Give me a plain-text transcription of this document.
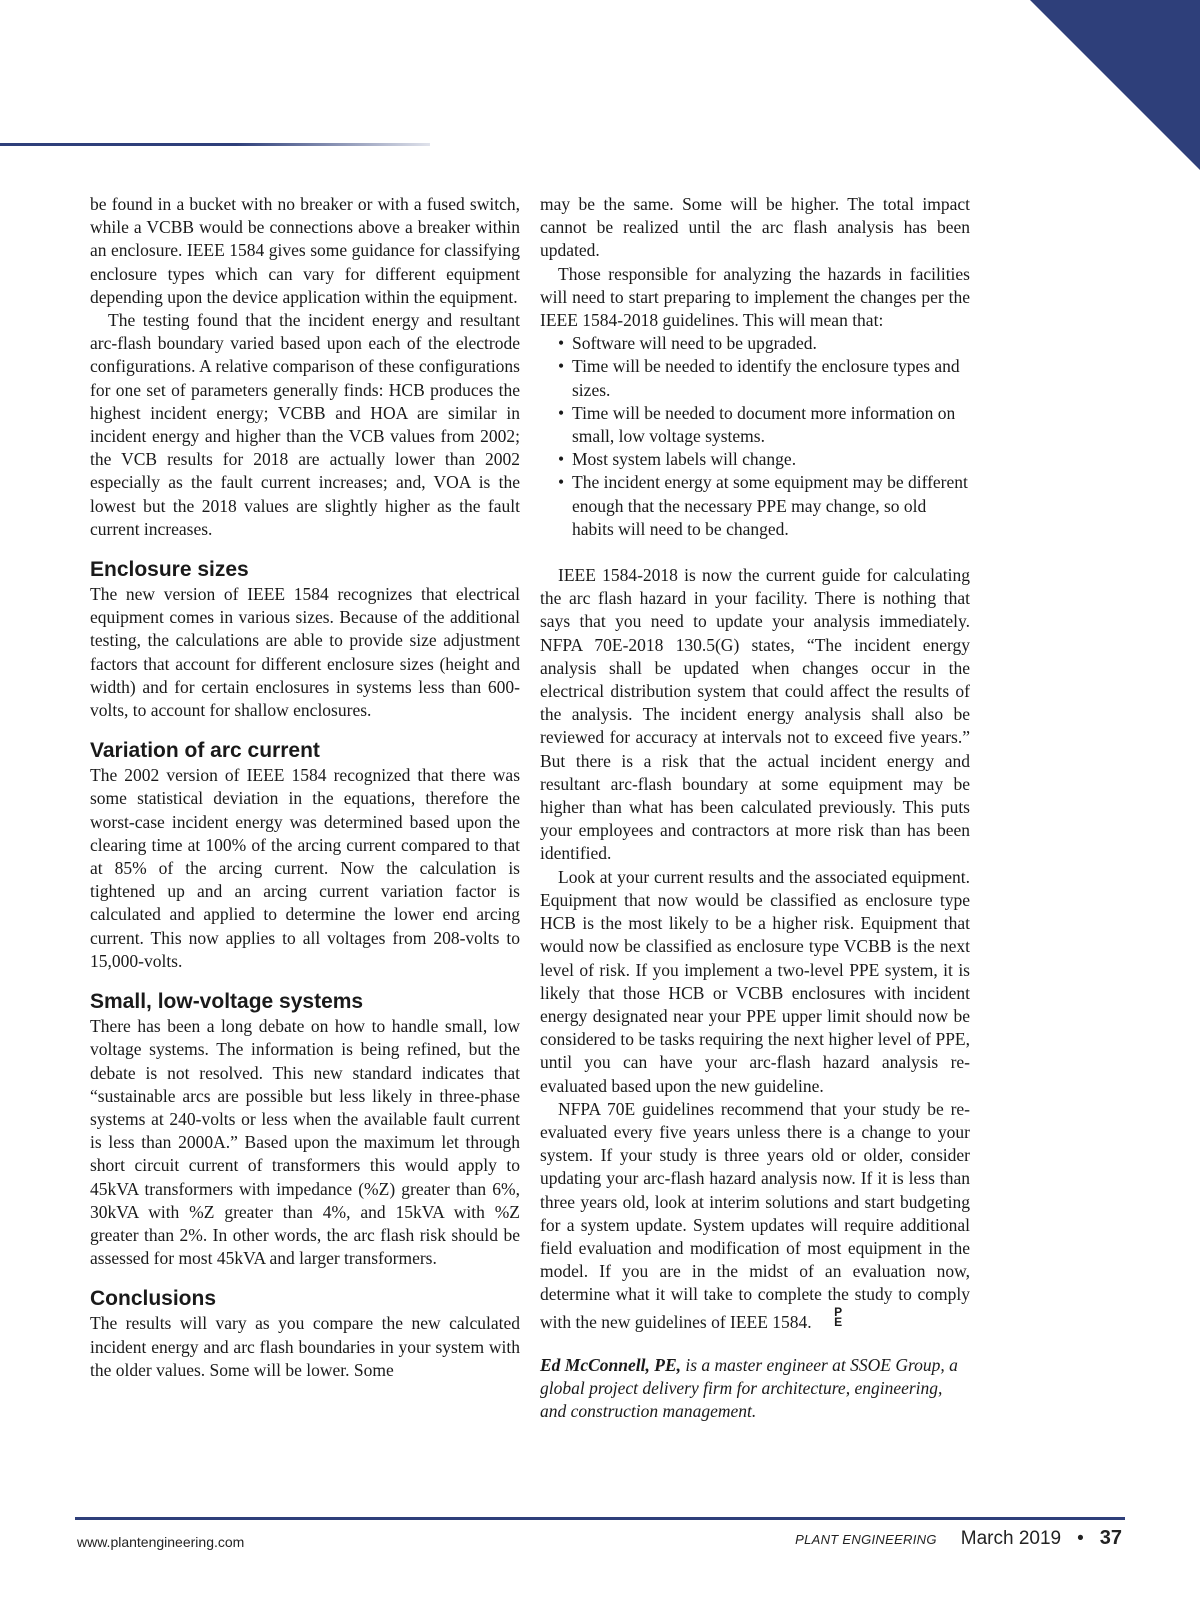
be found in a bucket with no breaker or with a fused switch, while a VCBB would be connections above a breaker within an enclosure. IEEE 1584 gives some guidance for classifying enclosure types which can vary for different equipment depending upon the device application within the equipment.

The testing found that the incident energy and resultant arc-flash boundary varied based upon each of the electrode configurations. A relative comparison of these configurations for one set of parameters generally finds: HCB produces the highest incident energy; VCBB and HOA are similar in incident energy and higher than the VCB values from 2002; the VCB results for 2018 are actually lower than 2002 especially as the fault current increases; and, VOA is the lowest but the 2018 values are slightly higher as the fault current increases.

Enclosure sizes

The new version of IEEE 1584 recognizes that electrical equipment comes in various sizes. Because of the additional testing, the calculations are able to provide size adjustment factors that account for different enclosure sizes (height and width) and for certain enclosures in systems less than 600-volts, to account for shallow enclosures.

Variation of arc current

The 2002 version of IEEE 1584 recognized that there was some statistical deviation in the equations, therefore the worst-case incident energy was determined based upon the clearing time at 100% of the arcing current compared to that at 85% of the arcing current. Now the calculation is tightened up and an arcing current variation factor is calculated and applied to determine the lower end arcing current. This now applies to all voltages from 208-volts to 15,000-volts.

Small, low-voltage systems

There has been a long debate on how to handle small, low voltage systems. The information is being refined, but the debate is not resolved. This new standard indicates that “sustainable arcs are possible but less likely in three-phase systems at 240-volts or less when the available fault current is less than 2000A.” Based upon the maximum let through short circuit current of transformers this would apply to 45kVA transformers with impedance (%Z) greater than 6%, 30kVA with %Z greater than 4%, and 15kVA with %Z greater than 2%. In other words, the arc flash risk should be assessed for most 45kVA and larger transformers.

Conclusions

The results will vary as you compare the new calculated incident energy and arc flash boundaries in your system with the older values. Some will be lower. Some

may be the same. Some will be higher. The total impact cannot be realized until the arc flash analysis has been updated.

Those responsible for analyzing the hazards in facilities will need to start preparing to implement the changes per the IEEE 1584-2018 guidelines. This will mean that:

• Software will need to be upgraded.
• Time will be needed to identify the enclosure types and sizes.
• Time will be needed to document more information on small, low voltage systems.
• Most system labels will change.
• The incident energy at some equipment may be different enough that the necessary PPE may change, so old habits will need to be changed.

IEEE 1584-2018 is now the current guide for calculating the arc flash hazard in your facility. There is nothing that says that you need to update your analysis immediately. NFPA 70E-2018 130.5(G) states, “The incident energy analysis shall be updated when changes occur in the electrical distribution system that could affect the results of the analysis. The incident energy analysis shall also be reviewed for accuracy at intervals not to exceed five years.” But there is a risk that the actual incident energy and resultant arc-flash boundary at some equipment may be higher than what has been calculated previously. This puts your employees and contractors at more risk than has been identified.

Look at your current results and the associated equipment. Equipment that now would be classified as enclosure type HCB is the most likely to be a higher risk. Equipment that would now be classified as enclosure type VCBB is the next level of risk. If you implement a two-level PPE system, it is likely that those HCB or VCBB enclosures with incident energy designated near your PPE upper limit should now be considered to be tasks requiring the next higher level of PPE, until you can have your arc-flash hazard analysis re-evaluated based upon the new guideline.

NFPA 70E guidelines recommend that your study be re-evaluated every five years unless there is a change to your system. If your study is three years old or older, consider updating your arc-flash hazard analysis now. If it is less than three years old, look at interim solutions and start budgeting for a system update. System updates will require additional field evaluation and modification of most equipment in the model. If you are in the midst of an evaluation now, determine what it will take to complete the study to comply with the new guidelines of IEEE 1584.	P
E

Ed McConnell, PE, is a master engineer at SSOE Group, a global project delivery firm for architecture, engineering, and construction management.
www.plantengineering.com	PLANT ENGINEERING March 2019 • 37
